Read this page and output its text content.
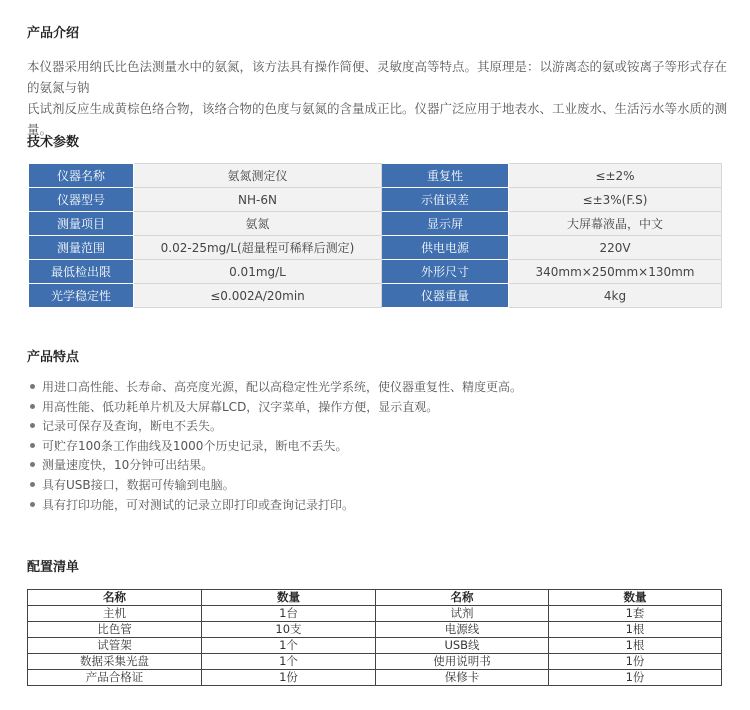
产品介绍
本仪器采用纳氏比色法测量水中的氨氮，该方法具有操作简便、灵敏度高等特点。其原理是：以游离态的氨或铵离子等形式存在的氨氮与钠
氏试剂反应生成黄棕色络合物，该络合物的色度与氨氮的含量成正比。仪器广泛应用于地表水、工业废水、生活污水等水质的测量。
技术参数
仪器名称	氨氮测定仪	重复性	≤±2%
仪器型号	NH-6N	示值误差	≤±3%(F.S)
测量项目	氨氮	显示屏	大屏幕液晶，中文
测量范围	0.02-25mg/L(超量程可稀释后测定)	供电电源	220V
最低检出限	0.01mg/L	外形尺寸	340mm×250mm×130mm
光学稳定性	≤0.002A/20min	仪器重量	4kg
产品特点
用进口高性能、长寿命、高亮度光源，配以高稳定性光学系统，使仪器重复性、精度更高。
用高性能、低功耗单片机及大屏幕LCD，汉字菜单，操作方便，显示直观。
记录可保存及查询，断电不丢失。
可贮存100条工作曲线及1000个历史记录，断电不丢失。
测量速度快，10分钟可出结果。
具有USB接口，数据可传输到电脑。
具有打印功能，可对测试的记录立即打印或查询记录打印。
配置清单
名称	数量	名称	数量
主机	1台	试剂	1套
比色管	10支	电源线	1根
试管架	1个	USB线	1根
数据采集光盘	1个	使用说明书	1份
产品合格证	1份	保修卡	1份
